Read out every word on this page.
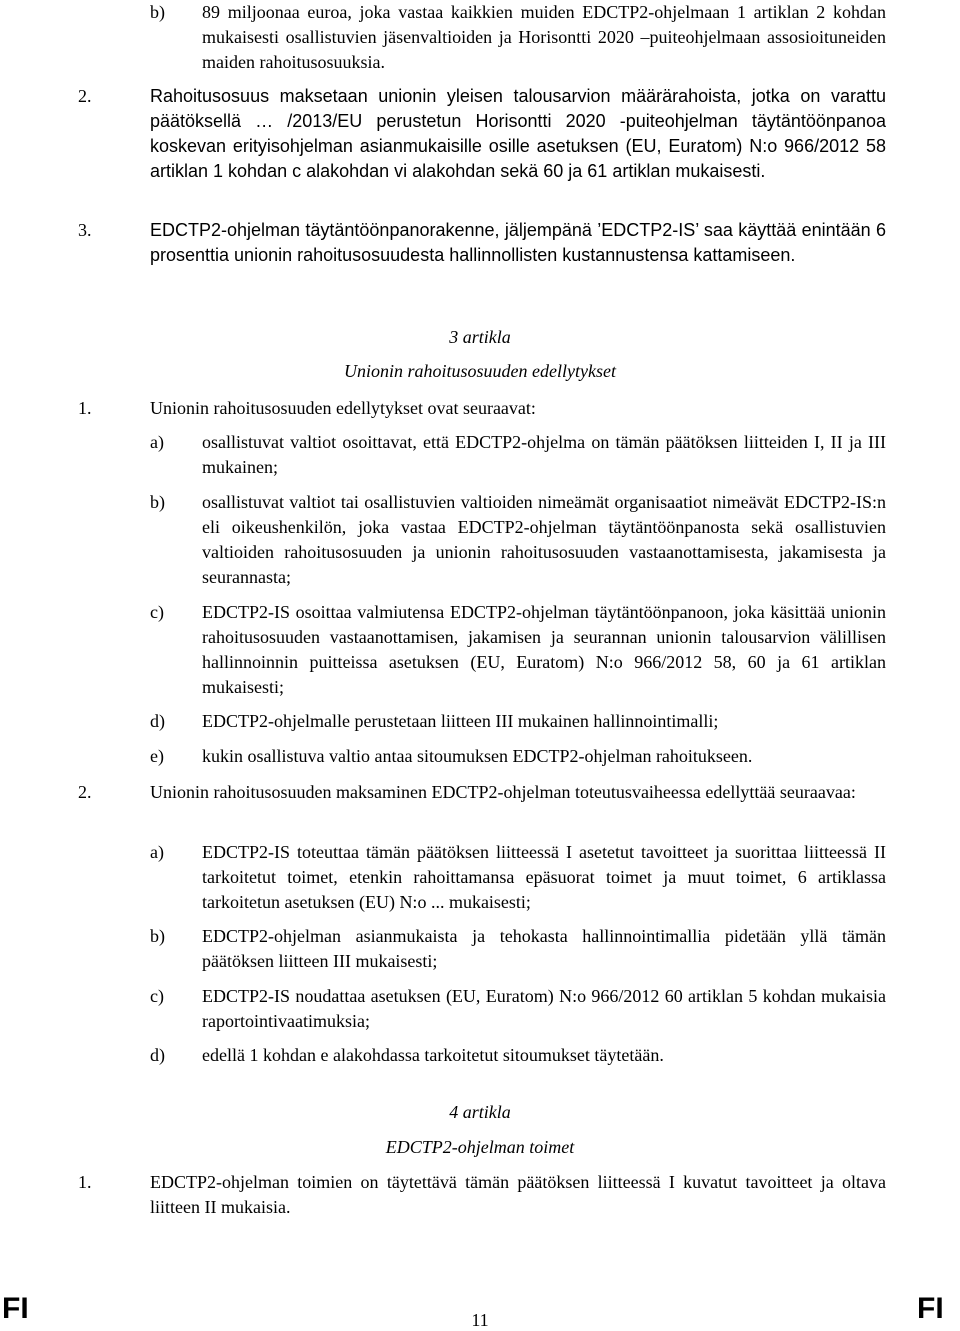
b) 89 miljoonaa euroa, joka vastaa kaikkien muiden EDCTP2-ohjelmaan 1 artiklan 2 kohdan mukaisesti osallistuvien jäsenvaltioiden ja Horisontti 2020 –puiteohjelmaan assosioituneiden maiden rahoitusosuuksia.
2.	Rahoitusosuus maksetaan unionin yleisen talousarvion määrärahoista, jotka on varattu päätöksellä … /2013/EU perustetun Horisontti 2020 -puiteohjelman täytäntöönpanoa koskevan erityisohjelman asianmukaisille osille asetuksen (EU, Euratom) N:o 966/2012 58 artiklan 1 kohdan c alakohdan vi alakohdan sekä 60 ja 61 artiklan mukaisesti.
3.	EDCTP2-ohjelman täytäntöönpanorakenne, jäljempänä ’EDCTP2-IS’ saa käyttää enintään 6 prosenttia unionin rahoitusosuudesta hallinnollisten kustannustensa kattamiseen.
3 artikla
Unionin rahoitusosuuden edellytykset
1.	Unionin rahoitusosuuden edellytykset ovat seuraavat:
a) osallistuvat valtiot osoittavat, että EDCTP2-ohjelma on tämän päätöksen liitteiden I, II ja III mukainen;
b) osallistuvat valtiot tai osallistuvien valtioiden nimeämät organisaatiot nimeävät EDCTP2-IS:n eli oikeushenkilön, joka vastaa EDCTP2-ohjelman täytäntöönpanosta sekä osallistuvien valtioiden rahoitusosuuden ja unionin rahoitusosuuden vastaanottamisesta, jakamisesta ja seurannasta;
c) EDCTP2-IS osoittaa valmiutensa EDCTP2-ohjelman täytäntöönpanoon, joka käsittää unionin rahoitusosuuden vastaanottamisen, jakamisen ja seurannan unionin talousarvion välillisen hallinnoinnin puitteissa asetuksen (EU, Euratom) N:o 966/2012 58, 60 ja 61 artiklan mukaisesti;
d) EDCTP2-ohjelmalle perustetaan liitteen III mukainen hallinnointimalli;
e) kukin osallistuva valtio antaa sitoumuksen EDCTP2-ohjelman rahoitukseen.
2.	Unionin rahoitusosuuden maksaminen EDCTP2-ohjelman toteutusvaiheessa edellyttää seuraavaa:
a) EDCTP2-IS toteuttaa tämän päätöksen liitteessä I asetetut tavoitteet ja suorittaa liitteessä II tarkoitetut toimet, etenkin rahoittamansa epäsuorat toimet ja muut toimet, 6 artiklassa tarkoitetun asetuksen (EU) N:o ... mukaisesti;
b) EDCTP2-ohjelman asianmukaista ja tehokasta hallinnointimallia pidetään yllä tämän päätöksen liitteen III mukaisesti;
c) EDCTP2-IS noudattaa asetuksen (EU, Euratom) N:o 966/2012 60 artiklan 5 kohdan mukaisia raportointivaatimuksia;
d) edellä 1 kohdan e alakohdassa tarkoitetut sitoumukset täytetään.
4 artikla
EDCTP2-ohjelman toimet
1.	EDCTP2-ohjelman toimien on täytettävä tämän päätöksen liitteessä I kuvatut tavoitteet ja oltava liitteen II mukaisia.
FI	11	FI
